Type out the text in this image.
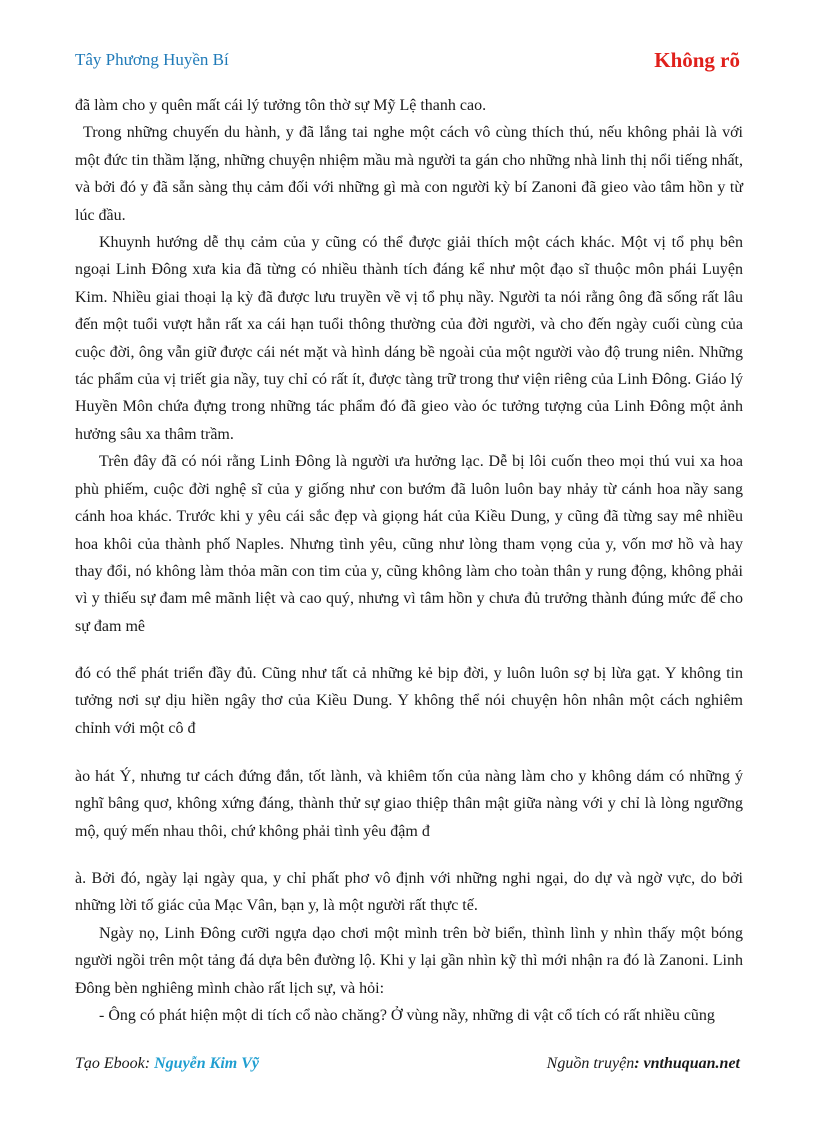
Tây Phương Huyền Bí	Không rõ

đã làm cho y quên mất cái lý tưởng tôn thờ sự Mỹ Lệ thanh cao.

Trong những chuyến du hành, y đã lắng tai nghe một cách vô cùng thích thú, nếu không phải là với một đức tin thầm lặng, những chuyện nhiệm mầu mà người ta gán cho những nhà linh thị nổi tiếng nhất, và bởi đó y đã sẵn sàng thụ cảm đối với những gì mà con người kỳ bí Zanoni đã gieo vào tâm hồn y từ lúc đầu.

Khuynh hướng dễ thụ cảm của y cũng có thể được giải thích một cách khác. Một vị tổ phụ bên ngoại Linh Đông xưa kia đã từng có nhiều thành tích đáng kể như một đạo sĩ thuộc môn phái Luyện Kim. Nhiều giai thoại lạ kỳ đã được lưu truyền về vị tổ phụ nầy. Người ta nói rằng ông đã sống rất lâu đến một tuổi vượt hẳn rất xa cái hạn tuổi thông thường của đời người, và cho đến ngày cuối cùng của cuộc đời, ông vẫn giữ được cái nét mặt và hình dáng bề ngoài của một người vào độ trung niên. Những tác phẩm của vị triết gia nầy, tuy chỉ có rất ít, được tàng trữ trong thư viện riêng của Linh Đông. Giáo lý Huyền Môn chứa đựng trong những tác phẩm đó đã gieo vào óc tưởng tượng của Linh Đông một ảnh hưởng sâu xa thâm trầm.

Trên đây đã có nói rằng Linh Đông là người ưa hưởng lạc. Dễ bị lôi cuốn theo mọi thú vui xa hoa phù phiếm, cuộc đời nghệ sĩ của y giống như con bướm đã luôn luôn bay nhảy từ cánh hoa nầy sang cánh hoa khác. Trước khi y yêu cái sắc đẹp và giọng hát của Kiều Dung, y cũng đã từng say mê nhiều hoa khôi của thành phố Naples. Nhưng tình yêu, cũng như lòng tham vọng của y, vốn mơ hồ và hay thay đổi, nó không làm thỏa mãn con tim của y, cũng không làm cho toàn thân y rung động, không phải vì y thiếu sự đam mê mãnh liệt và cao quý, nhưng vì tâm hồn y chưa đủ trưởng thành đúng mức để cho sự đam mê

đó có thể phát triển đầy đủ. Cũng như tất cả những kẻ bịp đời, y luôn luôn sợ bị lừa gạt. Y không tin tưởng nơi sự dịu hiền ngây thơ của Kiều Dung. Y không thể nói chuyện hôn nhân một cách nghiêm chỉnh với một cô đ

ào hát Ý, nhưng tư cách đứng đắn, tốt lành, và khiêm tốn của nàng làm cho y không dám có những ý nghĩ bâng quơ, không xứng đáng, thành thử sự giao thiệp thân mật giữa nàng với y chỉ là lòng ngưỡng mộ, quý mến nhau thôi, chứ không phải tình yêu đậm đ

à. Bởi đó, ngày lại ngày qua, y chỉ phất phơ vô định với những nghi ngại, do dự và ngờ vực, do bởi những lời tố giác của Mạc Vân, bạn y, là một người rất thực tế.

Ngày nọ, Linh Đông cưỡi ngựa dạo chơi một mình trên bờ biển, thình lình y nhìn thấy một bóng người ngồi trên một tảng đá dựa bên đường lộ. Khi y lại gần nhìn kỹ thì mới nhận ra đó là Zanoni. Linh Đông bèn nghiêng mình chào rất lịch sự, và hỏi:

- Ông có phát hiện một di tích cổ nào chăng? Ở vùng nầy, những di vật cổ tích có rất nhiều cũng

Tạo Ebook: Nguyễn Kim Vỹ	Nguồn truyện: vnthuquan.net
